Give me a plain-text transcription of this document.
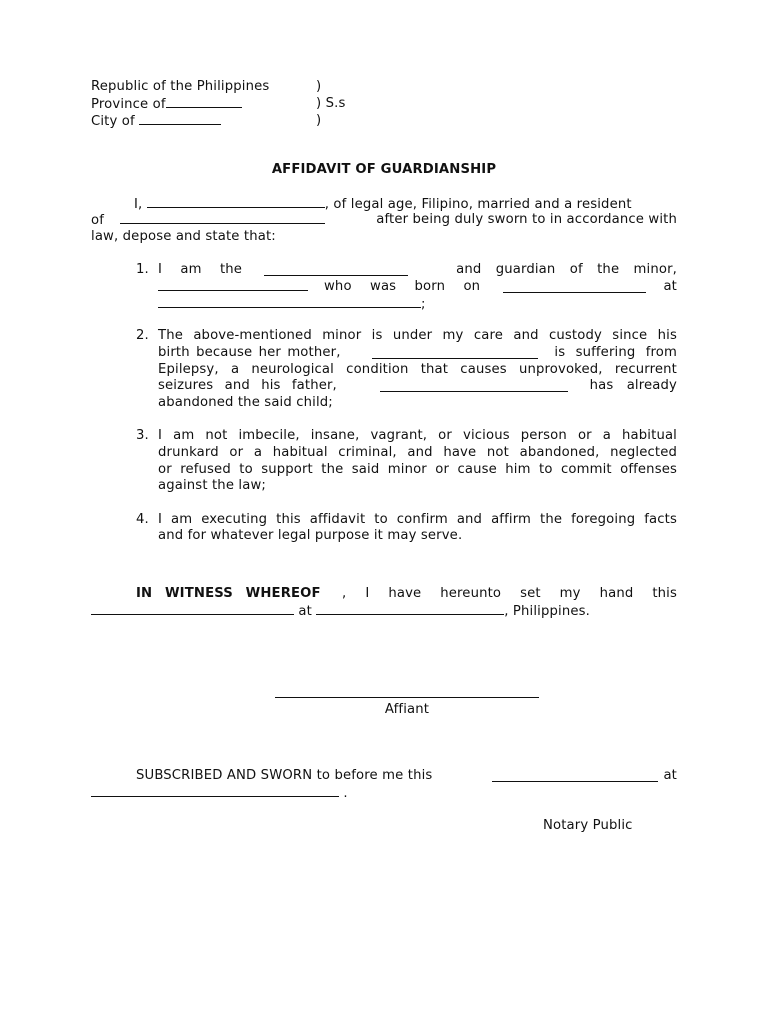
Republic of the Philippines	)
Province of	) S.s
City of	)
AFFIDAVIT OF GUARDIANSHIP
I,	, of legal age, Filipino, married and a resident
of	after being duly sworn to in accordance with
law, depose and state that:
1. I am the	and guardian of the minor,
who was born on	at
;
2. The above-mentioned minor is under my care and custody since his
birth because her mother,	is suffering from
Epilepsy, a neurological condition that causes unprovoked, recurrent
seizures and his father,	has already
abandoned the said child;
3. I am not imbecile, insane, vagrant, or vicious person or a habitual
drunkard or a habitual criminal, and have not abandoned, neglected
or refused to support the said minor or cause him to commit offenses
against the law;
4. I am executing this affidavit to confirm and affirm the foregoing facts
and for whatever legal purpose it may serve.
IN WITNESS WHEREOF , I have hereunto set my hand this
at	, Philippines.
Affiant
SUBSCRIBED AND SWORN to before me this	at
.
Notary Public
